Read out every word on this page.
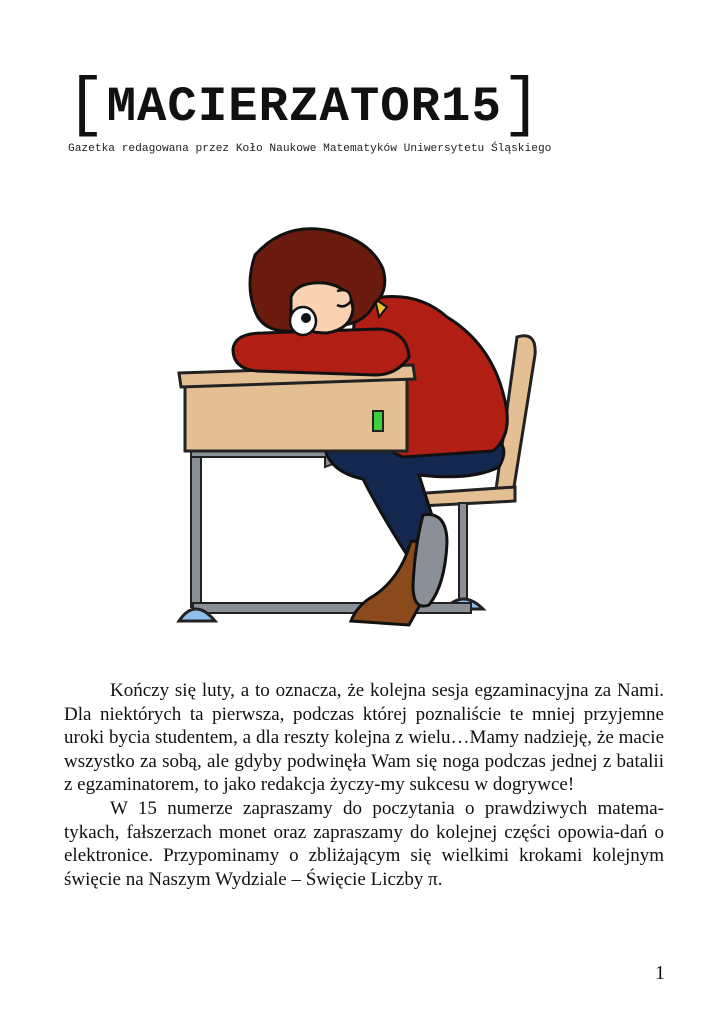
[MACIERZATOR15]
Gazetka redagowana przez Koło Naukowe Matematyków Uniwersytetu Śląskiego

Kończy się luty, a to oznacza, że kolejna sesja egzaminacyjna za Nami. Dla niektórych ta pierwsza, podczas której poznaliście te mniej przyjemne uroki bycia studentem, a dla reszty kolejna z wielu…Mamy nadzieję, że macie wszystko za sobą, ale gdyby podwinęła Wam się noga podczas jednej z batalii z egzaminatorem, to jako redakcja życzy-my sukcesu w dogrywce!

W 15 numerze zapraszamy do poczytania o prawdziwych matema-tykach, fałszerzach monet oraz zapraszamy do kolejnej części opowia-dań o elektronice. Przypominamy o zbliżającym się wielkimi krokami kolejnym święcie na Naszym Wydziale – Święcie Liczby π.

1
